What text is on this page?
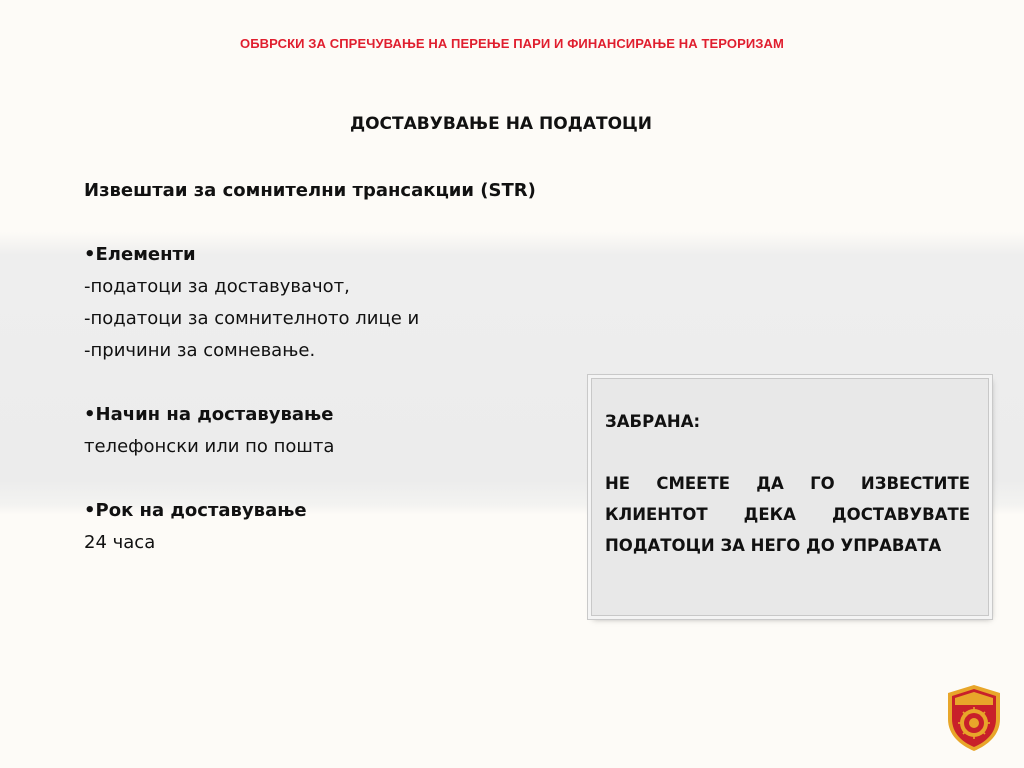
ОБВРСКИ ЗА СПРЕЧУВАЊЕ НА ПЕРЕЊЕ ПАРИ И ФИНАНСИРАЊЕ НА ТЕРОРИЗАМ
ДОСТАВУВАЊЕ НА ПОДАТОЦИ
Извештаи за сомнителни трансакции (STR)
•Елементи
-податоци за доставувачот,
-податоци за сомнителното лице и
-причини за сомневање.
•Начин на доставување
телефонски или по пошта
•Рок на доставување
24 часа
ЗАБРАНА:
НЕ СМЕЕТЕ ДА ГО ИЗВЕСТИТЕ КЛИЕНТОТ ДЕКА ДОСТАВУВАТЕ ПОДАТОЦИ ЗА НЕГО ДО УПРАВАТА
